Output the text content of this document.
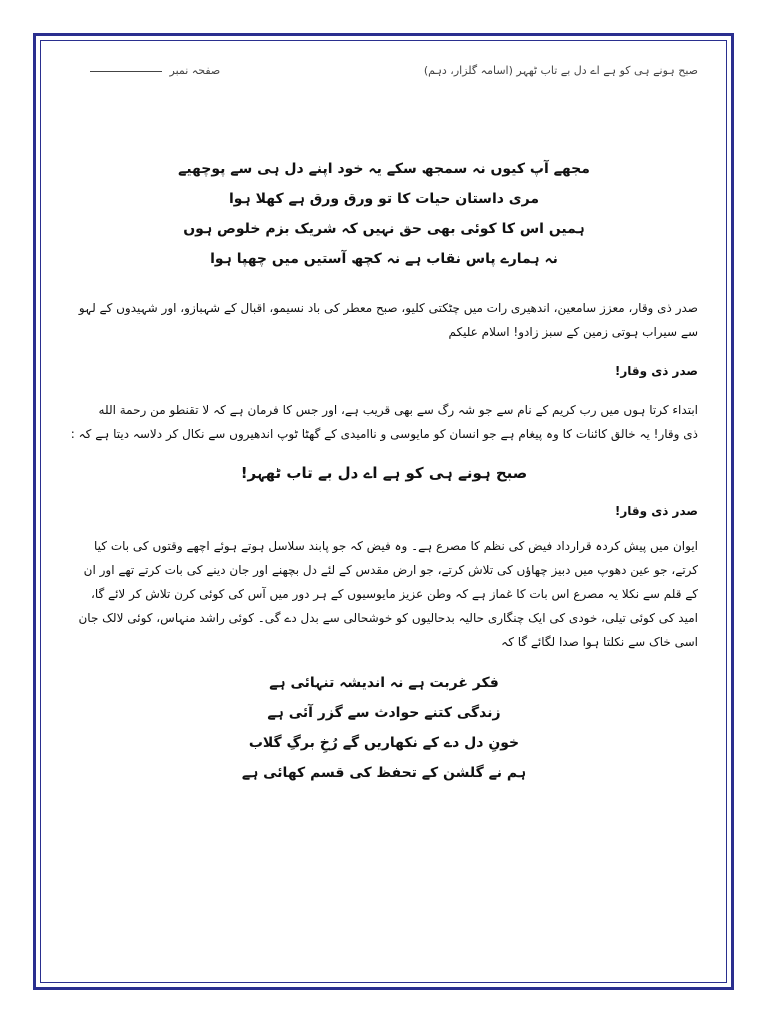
صبح ہونے ہی کو ہے اے دل بے تاب ٹھہر (اسامہ گلزار، دہم)
صفحہ نمبر
مجھے آپ کیوں نہ سمجھ سکے یہ خود اپنے دل ہی سے پوچھیے
مری داستان حیات کا تو ورق ورق ہے کھلا ہوا
ہمیں اس کا کوئی بھی حق نہیں کہ شریک بزم خلوص ہوں
نہ ہمارے پاس نقاب ہے نہ کچھ آستیں میں چھپا ہوا

صدر ذی وقار، معزز سامعین، اندھیری رات میں چٹکتی کلیو، صبح معطر کی باد نسیمو، اقبال کے شہبازو، اور شہیدوں کے لہو سے سیراب ہوتی زمین کے سبز زادو! اسلام علیکم

صدر ذی وقار!

ابتداء کرتا ہوں میں رب کریم کے نام سے جو شہ رگ سے بھی قریب ہے، اور جس کا فرمان ہے کہ لا تقنطو من رحمة الله

ذی وقار! یہ خالق کائنات کا وہ پیغام ہے جو انسان کو مایوسی و ناامیدی کے گھٹا ٹوپ اندھیروں سے نکال کر دلاسہ دیتا ہے کہ :

صبح ہونے ہی کو ہے اے دل بے تاب ٹھہر!

صدر ذی وقار!

ایوان میں پیش کردہ قرارداد فیض کی نظم کا مصرع ہے۔ وہ فیض کہ جو پابند سلاسل ہوتے ہوئے اچھے وقتوں کی بات کیا کرتے، جو عین دھوپ میں دبیز چھاؤں کی تلاش کرتے، جو ارض مقدس کے لئے دل بچھنے اور جان دینے کی بات کرتے تھے اور ان کے قلم سے نکلا یہ مصرع اس بات کا غماز ہے کہ وطن عزیز مایوسیوں کے ہر دور میں آس کی کوئی کرن تلاش کر لائے گا، امید کی کوئی تیلی، خودی کی ایک چنگاری حالیہ بدحالیوں کو خوشحالی سے بدل دے گی۔ کوئی راشد منہاس، کوئی لالک جان اسی خاک سے نکلتا ہوا صدا لگائے گا کہ

فکر غربت ہے نہ اندیشہ تنہائی ہے
زندگی کتنے حوادث سے گزر آئی ہے
خونِ دل دے کے نکھاریں گے رُخِ برگِ گلاب
ہم نے گلشن کے تحفظ کی قسم کھائی ہے
